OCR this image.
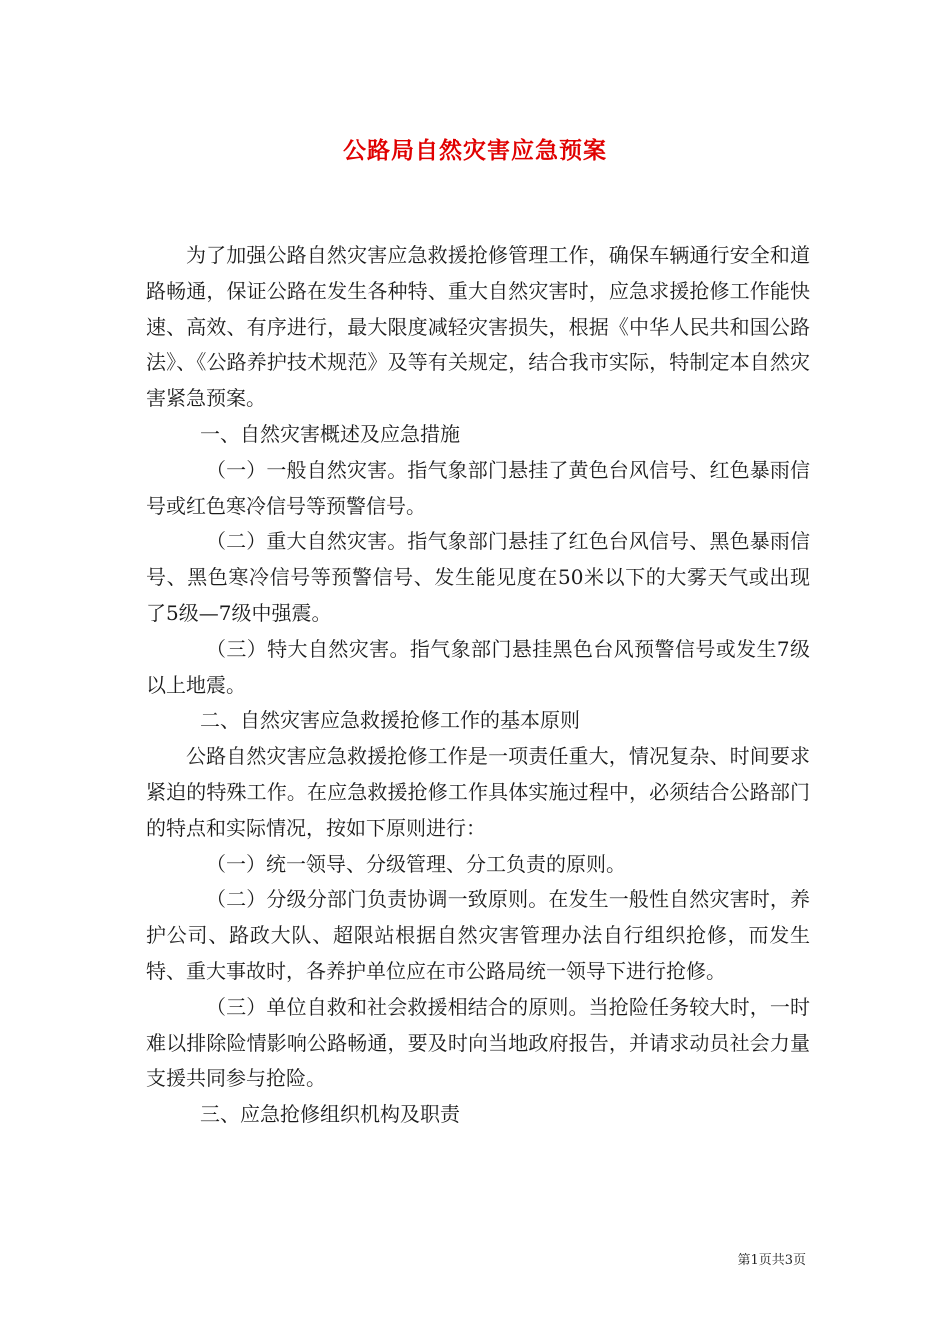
公路局自然灾害应急预案

为了加强公路自然灾害应急救援抢修管理工作，确保车辆通行安全和道路畅通，保证公路在发生各种特、重大自然灾害时，应急求援抢修工作能快速、高效、有序进行，最大限度减轻灾害损失，根据《中华人民共和国公路法》、《公路养护技术规范》及等有关规定，结合我市实际，特制定本自然灾害紧急预案。

一、自然灾害概述及应急措施

（一）一般自然灾害。指气象部门悬挂了黄色台风信号、红色暴雨信号或红色寒冷信号等预警信号。

（二）重大自然灾害。指气象部门悬挂了红色台风信号、黑色暴雨信号、黑色寒冷信号等预警信号、发生能见度在50米以下的大雾天气或出现了5级—7级中强震。

（三）特大自然灾害。指气象部门悬挂黑色台风预警信号或发生7级以上地震。

二、自然灾害应急救援抢修工作的基本原则

公路自然灾害应急救援抢修工作是一项责任重大，情况复杂、时间要求紧迫的特殊工作。在应急救援抢修工作具体实施过程中，必须结合公路部门的特点和实际情况，按如下原则进行：

（一）统一领导、分级管理、分工负责的原则。

（二）分级分部门负责协调一致原则。在发生一般性自然灾害时，养护公司、路政大队、超限站根据自然灾害管理办法自行组织抢修，而发生特、重大事故时，各养护单位应在市公路局统一领导下进行抢修。

（三）单位自救和社会救援相结合的原则。当抢险任务较大时，一时难以排除险情影响公路畅通，要及时向当地政府报告，并请求动员社会力量支援共同参与抢险。

三、应急抢修组织机构及职责

第1页共3页
